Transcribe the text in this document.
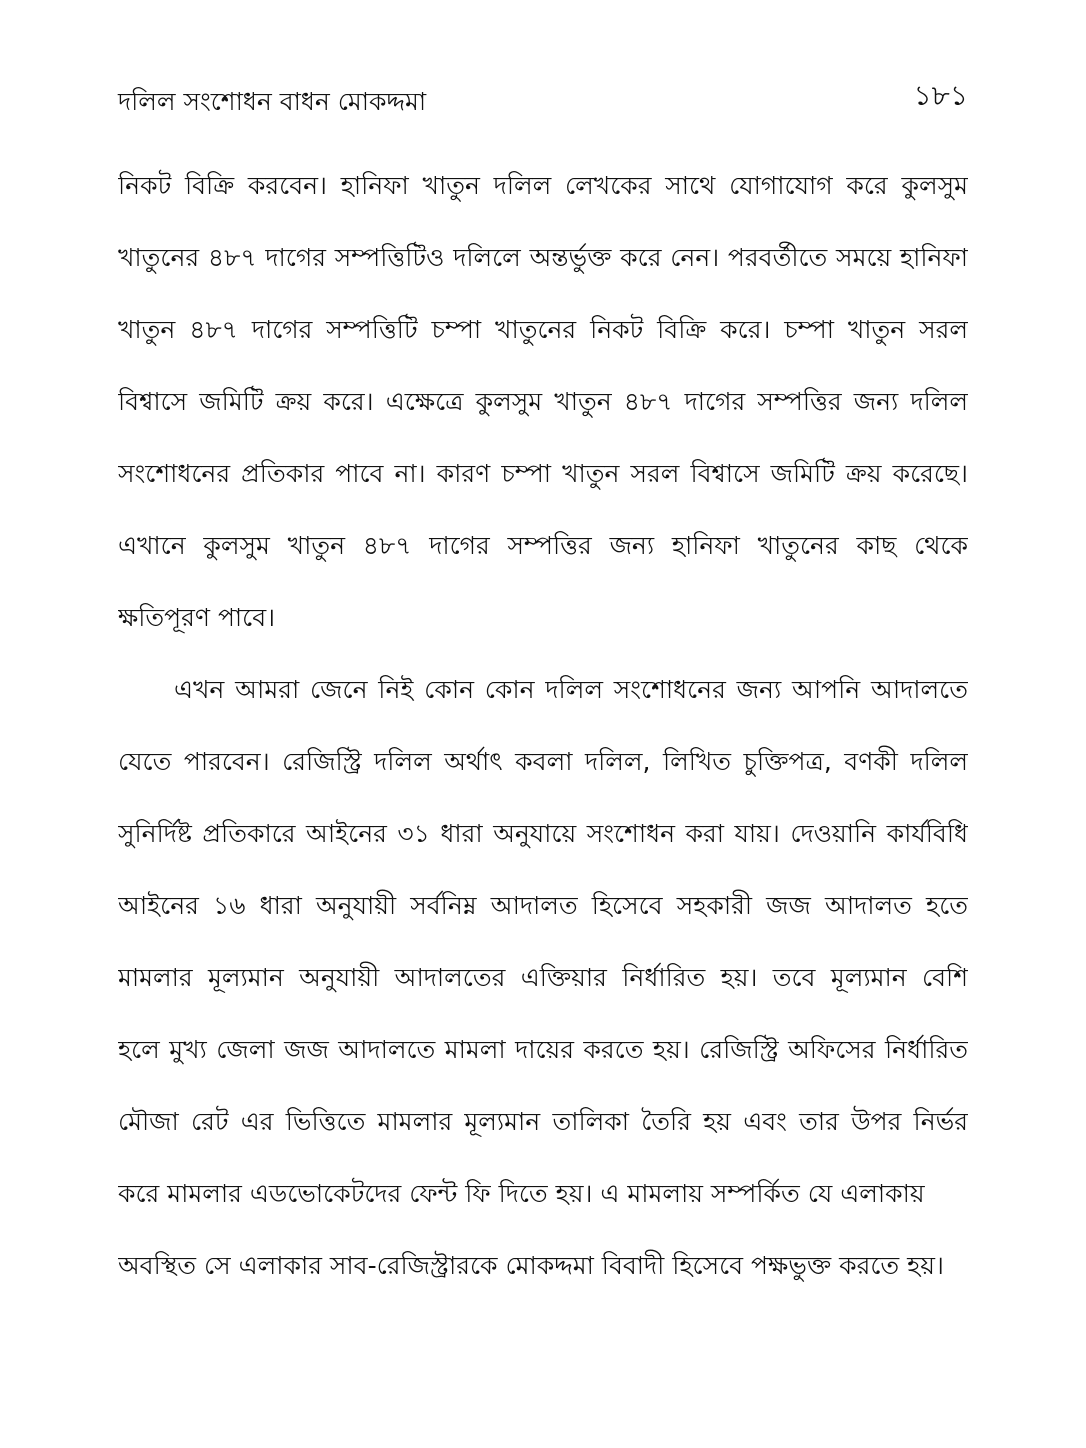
দলিল সংশোধন বাধন মোকদ্দমা	১৮১
নিকট বিক্রি করবেন। হানিফা খাতুন দলিল লেখকের সাথে যোগাযোগ করে কুলসুম
খাতুনের ৪৮৭ দাগের সম্পত্তিটিও দলিলে অন্তর্ভুক্ত করে নেন। পরবর্তীতে সময়ে হানিফা
খাতুন ৪৮৭ দাগের সম্পত্তিটি চম্পা খাতুনের নিকট বিক্রি করে। চম্পা খাতুন সরল
বিশ্বাসে জমিটি ক্রয় করে। এক্ষেত্রে কুলসুম খাতুন ৪৮৭ দাগের সম্পত্তির জন্য দলিল
সংশোধনের প্রতিকার পাবে না। কারণ চম্পা খাতুন সরল বিশ্বাসে জমিটি ক্রয় করেছে।
এখানে কুলসুম খাতুন ৪৮৭ দাগের সম্পত্তির জন্য হানিফা খাতুনের কাছ থেকে
ক্ষতিপূরণ পাবে।
এখন আমরা জেনে নিই কোন কোন দলিল সংশোধনের জন্য আপনি আদালতে
যেতে পারবেন। রেজিস্ট্রি দলিল অর্থাৎ কবলা দলিল, লিখিত চুক্তিপত্র, বণকী দলিল
সুনির্দিষ্ট প্রতিকারে আইনের ৩১ ধারা অনুযায়ে সংশোধন করা যায়। দেওয়ানি কার্যবিধি
আইনের ১৬ ধারা অনুযায়ী সর্বনিম্ন আদালত হিসেবে সহকারী জজ আদালত হতে
মামলার মূল্যমান অনুযায়ী আদালতের এক্তিয়ার নির্ধারিত হয়। তবে মূল্যমান বেশি
হলে মুখ্য জেলা জজ আদালতে মামলা দায়ের করতে হয়। রেজিস্ট্রি অফিসের নির্ধারিত
মৌজা রেট এর ভিত্তিতে মামলার মূল্যমান তালিকা তৈরি হয় এবং তার উপর নির্ভর
করে মামলার এডভোকেটদের ফেন্ট ফি দিতে হয়। এ মামলায় সম্পর্কিত যে এলাকায়
অবস্থিত সে এলাকার সাব-রেজিস্ট্রারকে মোকদ্দমা বিবাদী হিসেবে পক্ষভুক্ত করতে হয়।
